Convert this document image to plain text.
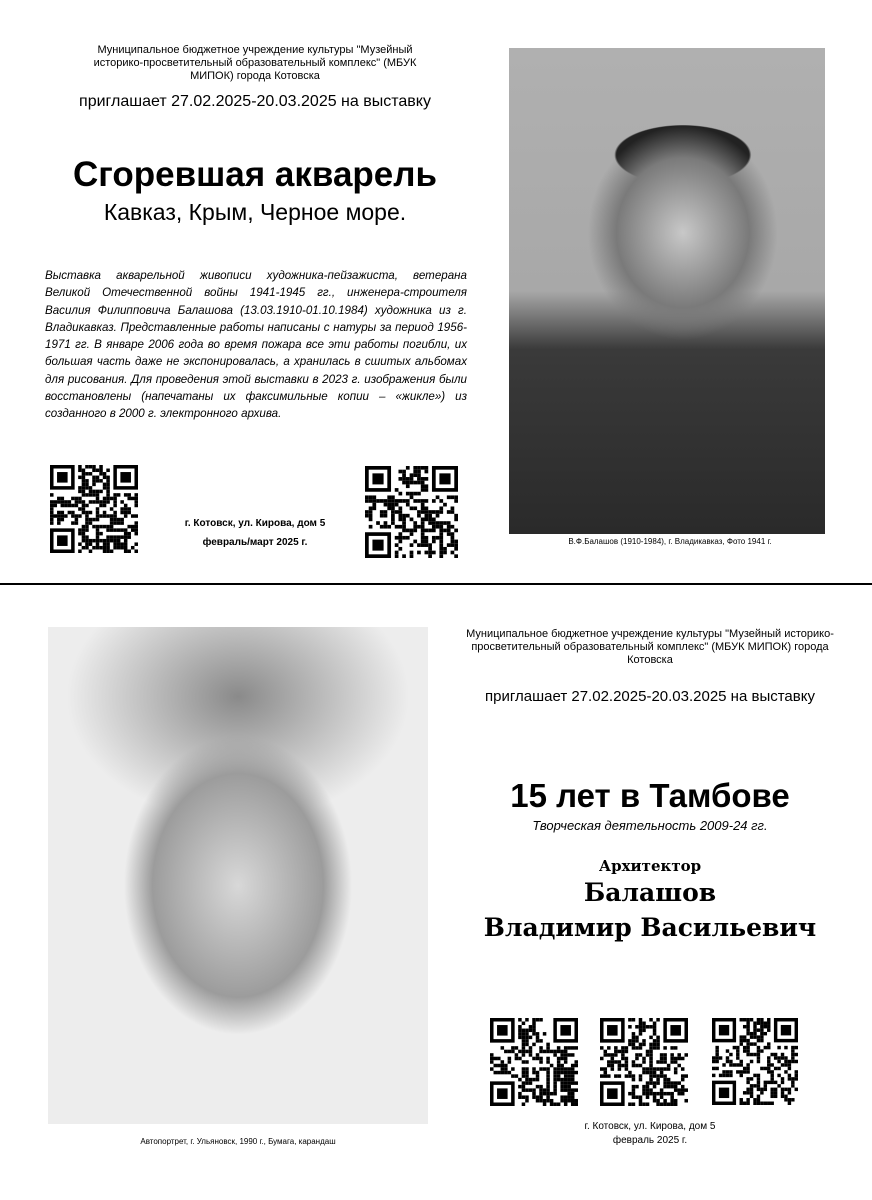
Муниципальное бюджетное учреждение культуры "Музейный историко-просветительный образовательный комплекс" (МБУК МИПОК) города Котовска
приглашает 27.02.2025-20.03.2025 на выставку
Сгоревшая акварель
Кавказ, Крым, Черное море.
Выставка акварельной живописи художника-пейзажиста, ветерана Великой Отечественной войны 1941-1945 гг., инженера-строителя Василия Филипповича Балашова (13.03.1910-01.10.1984) художника из г. Владикавказ. Представленные работы написаны с натуры за период 1956-1971 гг. В январе 2006 года во время пожара все эти работы погибли, их большая часть даже не экспонировалась, а хранилась в сшитых альбомах для рисования. Для проведения этой выставки в 2023 г. изображения были восстановлены (напечатаны их факсимильные копии – «жикле») из созданного в 2000 г. электронного архива.
г. Котовск, ул. Кирова, дом 5
февраль/март 2025 г.	В.Ф.Балашов (1910-1984), г. Владикавказ, Фото 1941 г.
Автопортрет, г. Ульяновск, 1990 г., Бумага, карандаш
Муниципальное бюджетное учреждение культуры "Музейный историко-просветительный образовательный комплекс" (МБУК МИПОК) города Котовска
приглашает 27.02.2025-20.03.2025 на выставку
15 лет в Тамбове
Творческая деятельность 2009-24 гг.
Архитектор
Балашов
Владимир Васильевич
г. Котовск, ул. Кирова, дом 5
февраль 2025 г.
